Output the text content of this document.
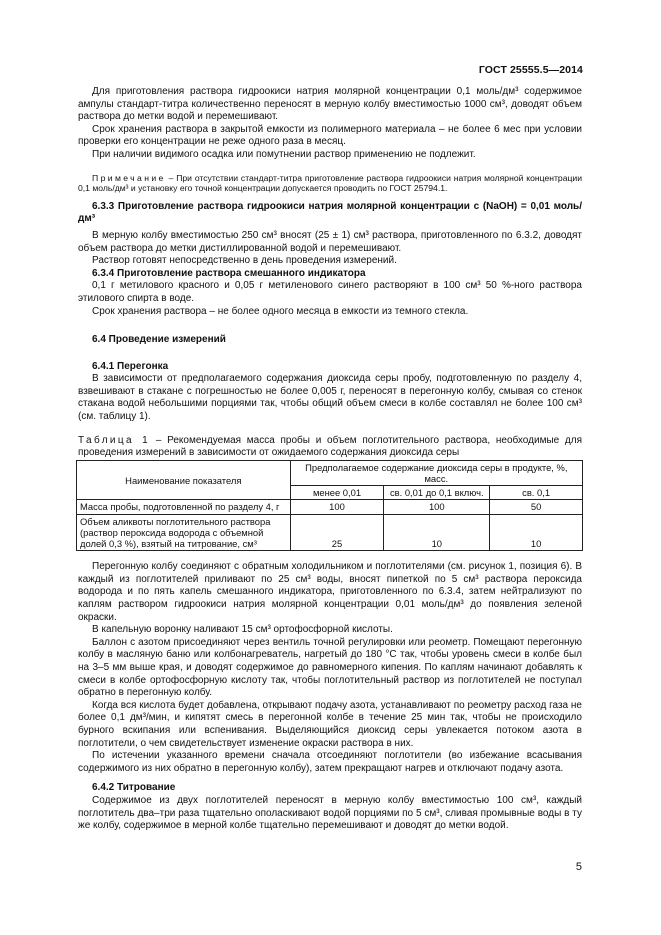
ГОСТ 25555.5—2014

Для приготовления раствора гидроокиси натрия молярной концентрации 0,1 моль/дм³ содержимое ампулы стандарт-титра количественно переносят в мерную колбу вместимостью 1000 см³, доводят объем раствора до метки водой и перемешивают.

Срок хранения раствора в закрытой емкости из полимерного материала – не более 6 мес при условии проверки его концентрации не реже одного раза в месяц.

При наличии видимого осадка или помутнении раствор применению не подлежит.

Примечание – При отсутствии стандарт-титра приготовление раствора гидроокиси натрия молярной концентрации 0,1 моль/дм³ и установку его точной концентрации допускается проводить по ГОСТ 25794.1.

6.3.3 Приготовление раствора гидроокиси натрия молярной концентрации c (NaOH) = 0,01 моль/дм³

В мерную колбу вместимостью 250 см³ вносят (25 ± 1) см³ раствора, приготовленного по 6.3.2, доводят объем раствора до метки дистиллированной водой и перемешивают.

Раствор готовят непосредственно в день проведения измерений.

6.3.4 Приготовление раствора смешанного индикатора

0,1 г метилового красного и 0,05 г метиленового синего растворяют в 100 см³ 50 %-ного раствора этилового спирта в воде.

Срок хранения раствора – не более одного месяца в емкости из темного стекла.

6.4 Проведение измерений

6.4.1 Перегонка

В зависимости от предполагаемого содержания диоксида серы пробу, подготовленную по разделу 4, взвешивают в стакане с погрешностью не более 0,005 г, переносят в перегонную колбу, смывая со стенок стакана водой небольшими порциями так, чтобы общий объем смеси в колбе составлял не более 100 см³ (см. таблицу 1).

Таблица 1 – Рекомендуемая масса пробы и объем поглотительного раствора, необходимые для проведения измерений в зависимости от ожидаемого содержания диоксида серы

Наименование показателя	Предполагаемое содержание диоксида серы в продукте, %, масс.		
	менее 0,01	св. 0,01 до 0,1 включ.	св. 0,1
Масса пробы, подготовленной по разделу 4, г	100	100	50
Объем аликвоты поглотительного раствора (раствор пероксида водорода с объемной долей 0,3 %), взятый на титрование, см³	25	10	10

Перегонную колбу соединяют с обратным холодильником и поглотителями (см. рисунок 1, позиция 6). В каждый из поглотителей приливают по 25 см³ воды, вносят пипеткой по 5 см³ раствора пероксида водорода и по пять капель смешанного индикатора, приготовленного по 6.3.4, затем нейтрализуют по каплям раствором гидроокиси натрия молярной концентрации 0,01 моль/дм³ до появления зеленой окраски.

В капельную воронку наливают 15 см³ ортофосфорной кислоты.

Баллон с азотом присоединяют через вентиль точной регулировки или реометр. Помещают перегонную колбу в масляную баню или колбонагреватель, нагретый до 180 °С так, чтобы уровень смеси в колбе был на 3–5 мм выше края, и доводят содержимое до равномерного кипения. По каплям начинают добавлять к смеси в колбе ортофосфорную кислоту так, чтобы поглотительный раствор из поглотителей не поступал обратно в перегонную колбу.

Когда вся кислота будет добавлена, открывают подачу азота, устанавливают по реометру расход газа не более 0,1 дм³/мин, и кипятят смесь в перегонной колбе в течение 25 мин так, чтобы не происходило бурного вскипания или вспенивания. Выделяющийся диоксид серы увлекается потоком азота в поглотители, о чем свидетельствует изменение окраски раствора в них.

По истечении указанного времени сначала отсоединяют поглотители (во избежание всасывания содержимого из них обратно в перегонную колбу), затем прекращают нагрев и отключают подачу азота.

6.4.2 Титрование

Содержимое из двух поглотителей переносят в мерную колбу вместимостью 100 см³, каждый поглотитель два–три раза тщательно ополаскивают водой порциями по 5 см³, сливая промывные воды в ту же колбу, содержимое в мерной колбе тщательно перемешивают и доводят до метки водой.

5
